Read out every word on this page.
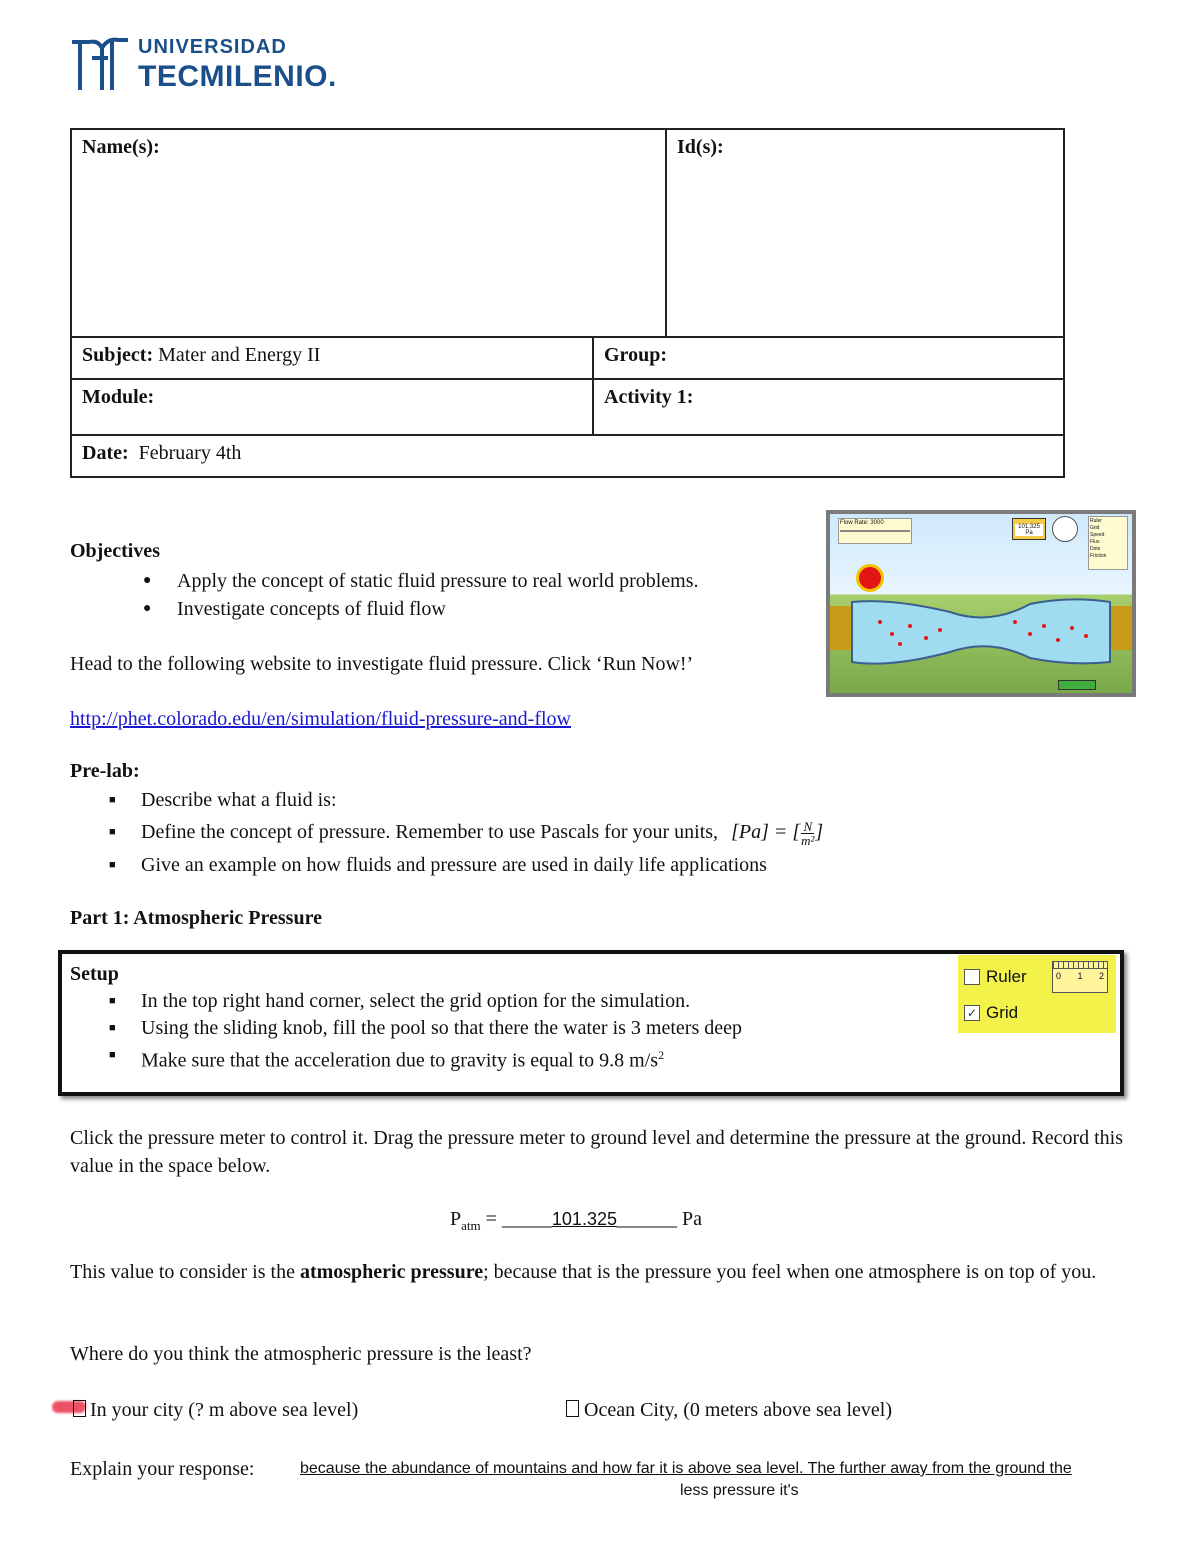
UNIVERSIDAD
TECMILENIO.
Name(s):		Id(s):
Subject: Mater and Energy II	Group:	
Module:	Activity 1:	
Date: February 4th		
Objectives
● Apply the concept of static fluid pressure to real world problems.
● Investigate concepts of fluid flow
Head to the following website to investigate fluid pressure. Click ‘Run Now!’
http://phet.colorado.edu/en/simulation/fluid-pressure-and-flow
Flow Rate: 3000
101,325 Pa
Ruler
Grid
Speed
Flux
Dots
Friction
Pre-lab:
■ Describe what a fluid is:
■ Define the concept of pressure. Remember to use Pascals for your units, [Pa] = [ $\frac{N}{\text{m²}}$ ]
■ Give an example on how fluids and pressure are used in daily life applications
Part 1: Atmospheric Pressure
Setup
■ In the top right hand corner, select the grid option for the simulation.
■ Using the sliding knob, fill the pool so that there the water is 3 meters deep
■ Make sure that the acceleration due to gravity is equal to 9.8 $m/s^2$
Ruler	0 1 2
✓ Grid
Click the pressure meter to control it. Drag the pressure meter to ground level and determine the pressure at the ground. Record this value in the space below.
$P_{atm}$ = _____101.325______ Pa
This value to consider is the atmospheric pressure; because that is the pressure you feel when one atmosphere is on top of you.
Where do you think the atmospheric pressure is the least?
In your city (? m above sea level)	Ocean City, (0 meters above sea level)
Explain your response:	because the abundance of mountains and how far it is above sea level. The further away from the ground the
less pressure it's
